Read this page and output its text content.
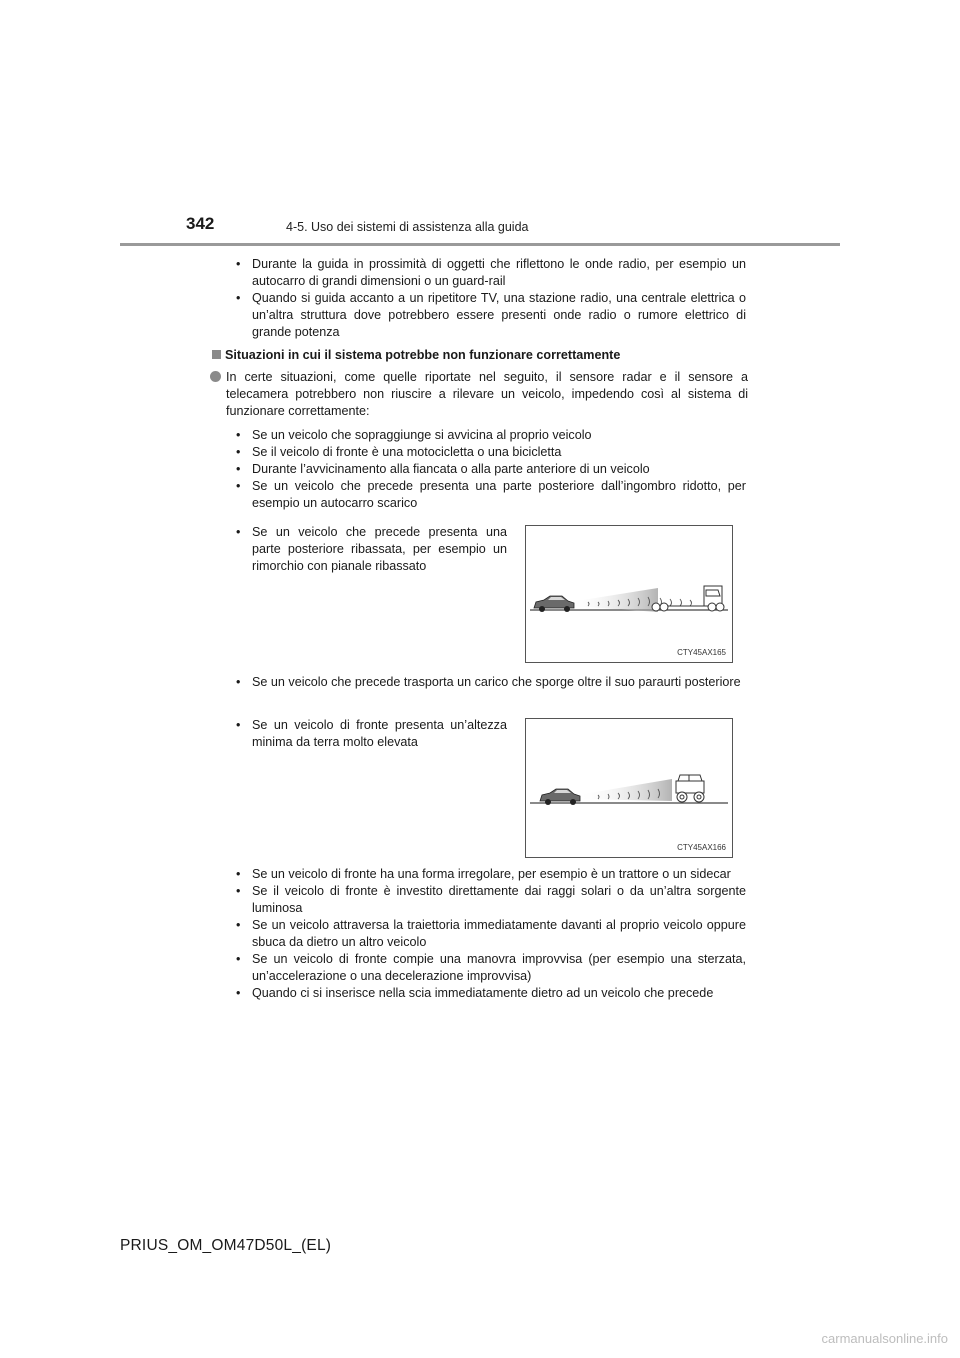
342	4-5. Uso dei sistemi di assistenza alla guida
• Durante la guida in prossimità di oggetti che riflettono le onde radio, per esempio un autocarro di grandi dimensioni o un guard-rail
• Quando si guida accanto a un ripetitore TV, una stazione radio, una centrale elettrica o un’altra struttura dove potrebbero essere presenti onde radio o rumore elettrico di grande potenza
Situazioni in cui il sistema potrebbe non funzionare correttamente
In certe situazioni, come quelle riportate nel seguito, il sensore radar e il sensore a telecamera potrebbero non riuscire a rilevare un veicolo, impedendo così al sistema di funzionare correttamente:
• Se un veicolo che sopraggiunge si avvicina al proprio veicolo
• Se il veicolo di fronte è una motocicletta o una bicicletta
• Durante l’avvicinamento alla fiancata o alla parte anteriore di un veicolo
• Se un veicolo che precede presenta una parte posteriore dall’ingombro ridotto, per esempio un autocarro scarico
• Se un veicolo che precede presenta una parte posteriore ribassata, per esempio un rimorchio con pianale ribassato
CTY45AX165
• Se un veicolo che precede trasporta un carico che sporge oltre il suo paraurti posteriore
• Se un veicolo di fronte presenta un’altezza minima da terra molto elevata
CTY45AX166
• Se un veicolo di fronte ha una forma irregolare, per esempio è un trattore o un sidecar
• Se il veicolo di fronte è investito direttamente dai raggi solari o da un’altra sorgente luminosa
• Se un veicolo attraversa la traiettoria immediatamente davanti al proprio veicolo oppure sbuca da dietro un altro veicolo
• Se un veicolo di fronte compie una manovra improvvisa (per esempio una sterzata, un’accelerazione o una decelerazione improvvisa)
• Quando ci si inserisce nella scia immediatamente dietro ad un veicolo che precede
PRIUS_OM_OM47D50L_(EL)
carmanualsonline.info
